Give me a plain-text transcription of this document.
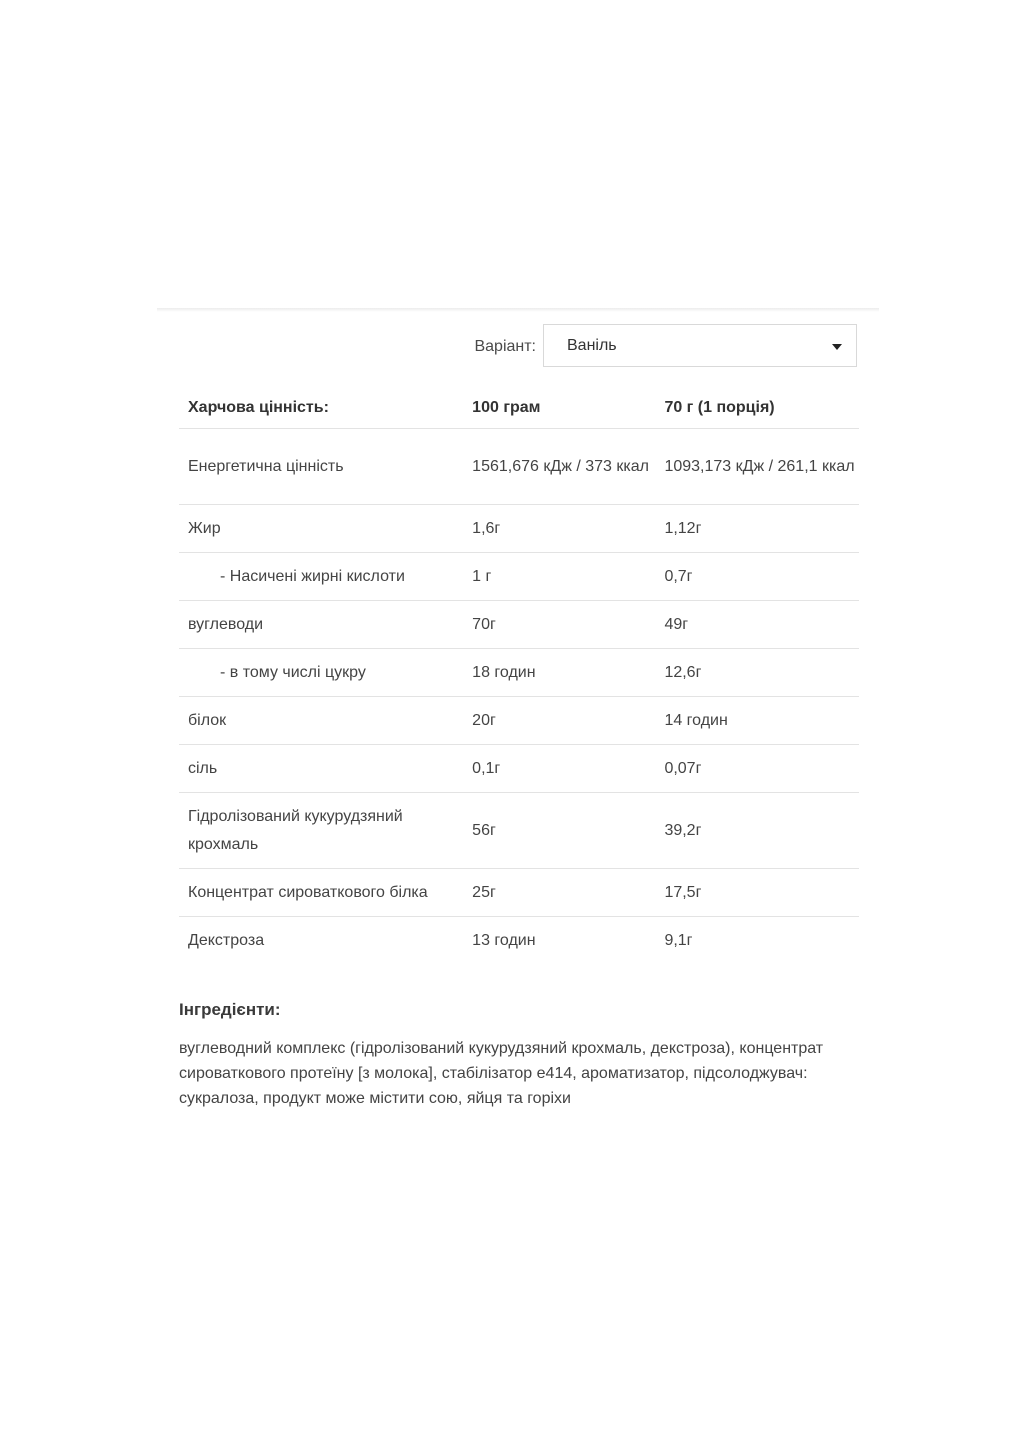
Варіант: Ваніль
Харчова цінність:	100 грам	70 г (1 порція)
Енергетична цінність	1561,676 кДж / 373 ккал	1093,173 кДж / 261,1 ккал
Жир	1,6г	1,12г
- Насичені жирні кислоти	1 г	0,7г
вуглеводи	70г	49г
- в тому числі цукру	18 годин	12,6г
білок	20г	14 годин
сіль	0,1г	0,07г
Гідролізований кукурудзяний крохмаль	56г	39,2г
Концентрат сироваткового білка	25г	17,5г
Декстроза	13 годин	9,1г
Інгредієнти:
вуглеводний комплекс (гідролізований кукурудзяний крохмаль, декстроза), концентрат сироваткового протеїну [з молока], стабілізатор е414, ароматизатор, підсолоджувач: сукралоза, продукт може містити сою, яйця та горіхи
